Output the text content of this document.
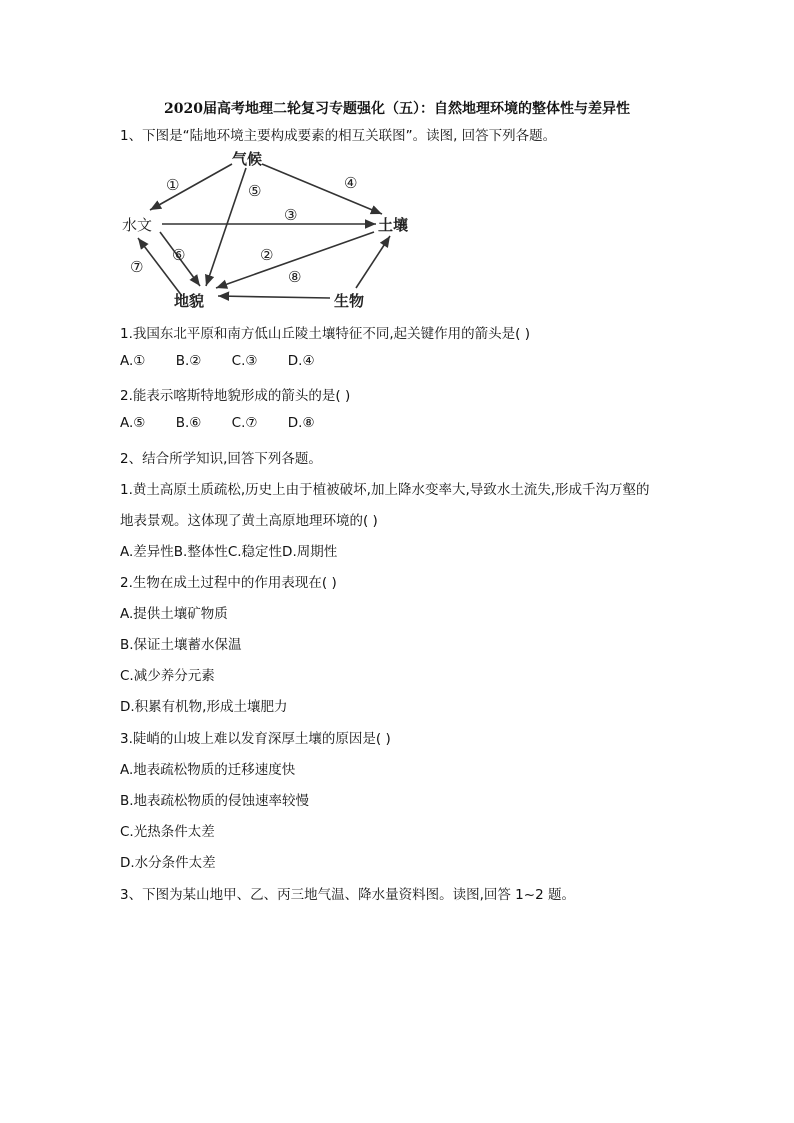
2020届高考地理二轮复习专题强化（五）：自然地理环境的整体性与差异性
1、下图是“陆地环境主要构成要素的相互关联图”。读图, 回答下列各题。
气候
水文	土壤
地貌	生物
①	⑤	④
③
⑥
⑦
②
⑧
1.我国东北平原和南方低山丘陵土壤特征不同,起关键作用的箭头是( )
A.① B.② C.③ D.④
2.能表示喀斯特地貌形成的箭头的是( )
A.⑤ B.⑥ C.⑦ D.⑧
2、结合所学知识,回答下列各题。
1.黄土高原土质疏松,历史上由于植被破坏,加上降水变率大,导致水土流失,形成千沟万壑的
地表景观。这体现了黄土高原地理环境的( )
A.差异性B.整体性C.稳定性D.周期性
2.生物在成土过程中的作用表现在( )
A.提供土壤矿物质
B.保证土壤蓄水保温
C.减少养分元素
D.积累有机物,形成土壤肥力
3.陡峭的山坡上难以发育深厚土壤的原因是( )
A.地表疏松物质的迁移速度快
B.地表疏松物质的侵蚀速率较慢
C.光热条件太差
D.水分条件太差
3、下图为某山地甲、乙、丙三地气温、降水量资料图。读图,回答 1~2 题。
